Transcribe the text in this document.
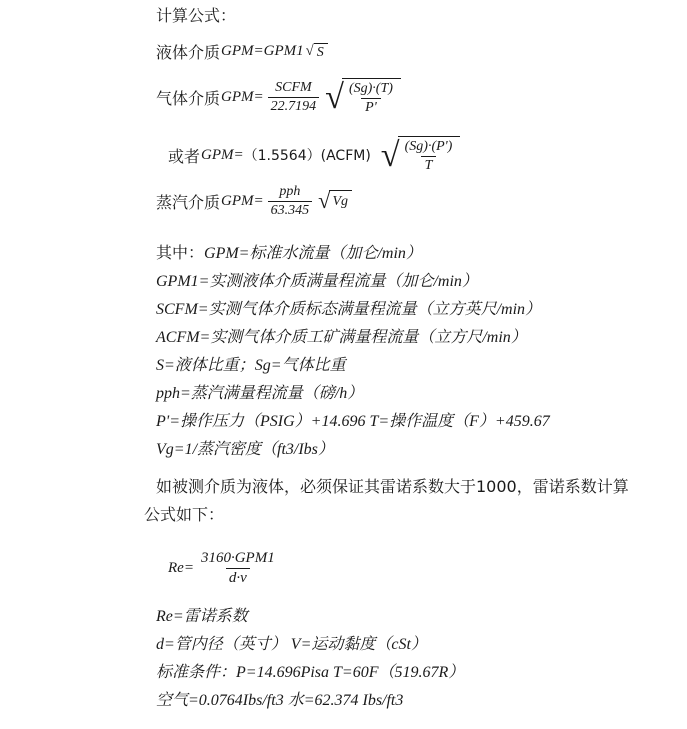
计算公式：
液体介质 GPM=GPM1 √ S
气体介质 $GPM= \frac{\text{SCFM}}{22.7194}$ √ $\frac{(Sg)\cdot(T)}{P'}$
或者 GPM= （1.5564）(ACFM) √ $\frac{(Sg)\cdot(P')}{T}$
蒸汽介质 $GPM= \frac{\text{pph}}{63.345}$ √ Vg
其中：GPM=标准水流量（加仑/min）
GPM1=实测液体介质满量程流量（加仑/min）
SCFM=实测气体介质标态满量程流量（立方英尺/min）
ACFM=实测气体介质工矿满量程流量（立方尺/min）
S=液体比重；Sg=气体比重
pph=蒸汽满量程流量（磅/h）
P'=操作压力（PSIG）+14.696 T=操作温度（F）+459.67
Vg=1/蒸汽密度（ft3/Ibs）
如被测介质为液体，必须保证其雷诺系数大于1000，雷诺系数计算公式如下：
$Re= \frac{\text{3160·GPM1}}{d\cdot v}$
Re=雷诺系数
d=管内径（英寸） V=运动黏度（cSt）
标准条件：P=14.696Pisa T=60F（519.67R）
空气=0.0764Ibs/ft3 水=62.374 Ibs/ft3
